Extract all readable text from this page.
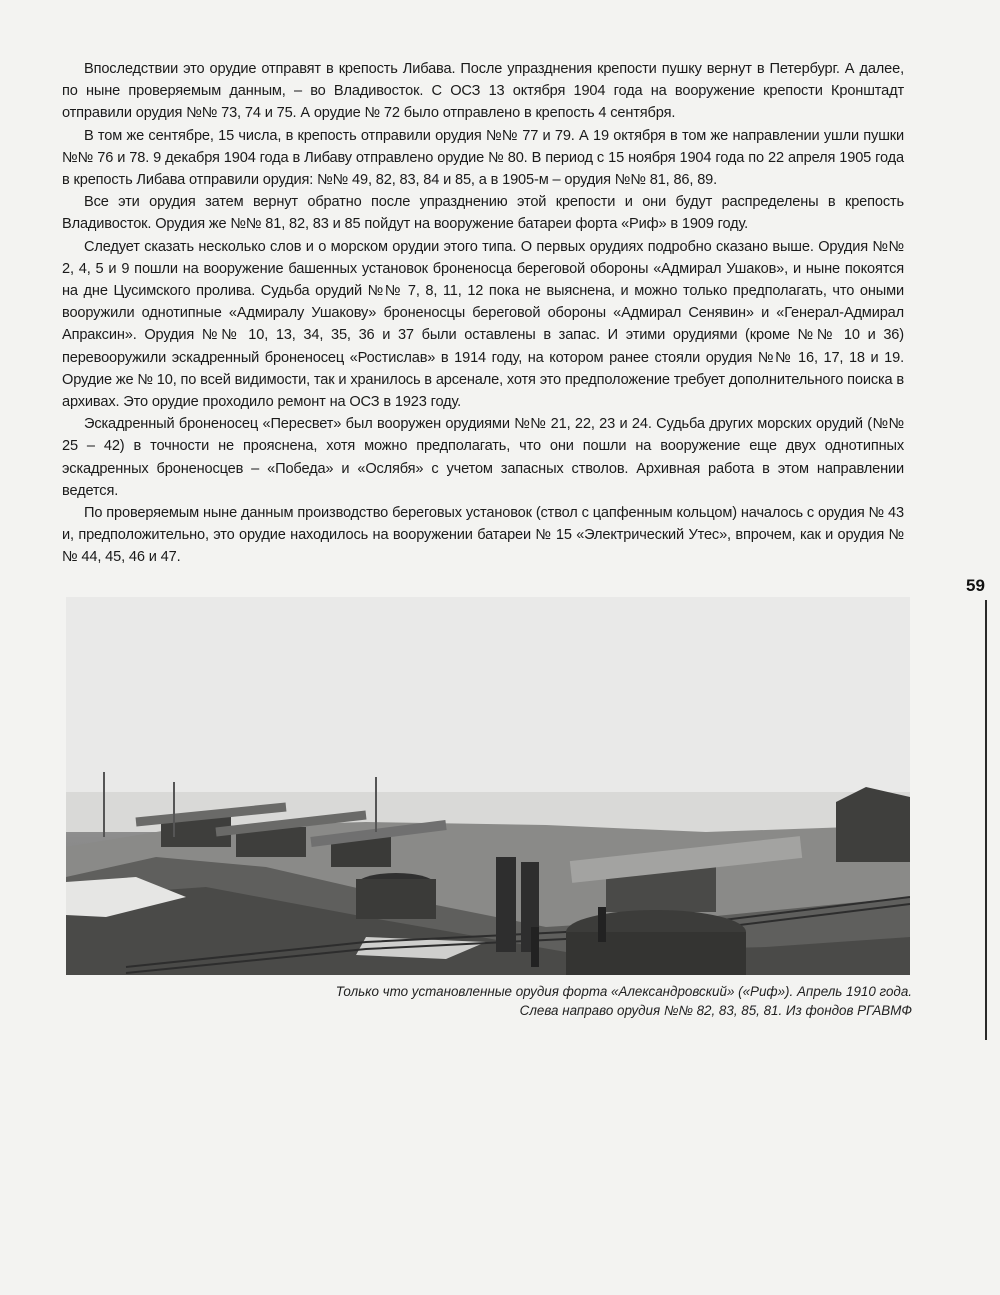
Впоследствии это орудие отправят в крепость Либава. После упразднения крепости пушку вернут в Петербург. А далее, по ныне проверяемым данным, – во Владивосток. С ОСЗ 13 октября 1904 года на вооружение крепости Кронштадт отправили орудия №№ 73, 74 и 75. А орудие № 72 было отправлено в крепость 4 сентября.

В том же сентябре, 15 числа, в крепость отправили орудия №№ 77 и 79. А 19 октября в том же направлении ушли пушки №№ 76 и 78. 9 декабря 1904 года в Либаву отправлено орудие № 80. В период с 15 ноября 1904 года по 22 апреля 1905 года в крепость Либава отправили орудия: №№ 49, 82, 83, 84 и 85, а в 1905-м – орудия №№ 81, 86, 89.

Все эти орудия затем вернут обратно после упразднению этой крепости и они будут распределены в крепость Владивосток. Орудия же №№ 81, 82, 83 и 85 пойдут на вооружение батареи форта «Риф» в 1909 году.

Следует сказать несколько слов и о морском орудии этого типа. О первых орудиях подробно сказано выше. Орудия №№ 2, 4, 5 и 9 пошли на вооружение башенных установок броненосца береговой обороны «Адмирал Ушаков», и ныне покоятся на дне Цусимского пролива. Судьба орудий №№ 7, 8, 11, 12 пока не выяснена, и можно только предполагать, что оными вооружили однотипные «Адмиралу Ушакову» броненосцы береговой обороны «Адмирал Сенявин» и «Генерал-Адмирал Апраксин». Орудия №№ 10, 13, 34, 35, 36 и 37 были оставлены в запас. И этими орудиями (кроме №№ 10 и 36) перевооружили эскадренный броненосец «Ростислав» в 1914 году, на котором ранее стояли орудия №№ 16, 17, 18 и 19. Орудие же № 10, по всей видимости, так и хранилось в арсенале, хотя это предположение требует дополнительного поиска в архивах. Это орудие проходило ремонт на ОСЗ в 1923 году.

Эскадренный броненосец «Пересвет» был вооружен орудиями №№ 21, 22, 23 и 24. Судьба других морских орудий (№№ 25 – 42) в точности не прояснена, хотя можно предполагать, что они пошли на вооружение еще двух однотипных эскадренных броненосцев – «Победа» и «Ослябя» с учетом запасных стволов. Архивная работа в этом направлении ведется.

По проверяемым ныне данным производство береговых установок (ствол с цапфенным кольцом) началось с орудия № 43 и, предположительно, это орудие находилось на вооружении батареи № 15 «Электрический Утес», впрочем, как и орудия №№ 44, 45, 46 и 47.

59
Только что установленные орудия форта «Александровский» («Риф»). Апрель 1910 года.
Слева направо орудия №№ 82, 83, 85, 81. Из фондов РГАВМФ
